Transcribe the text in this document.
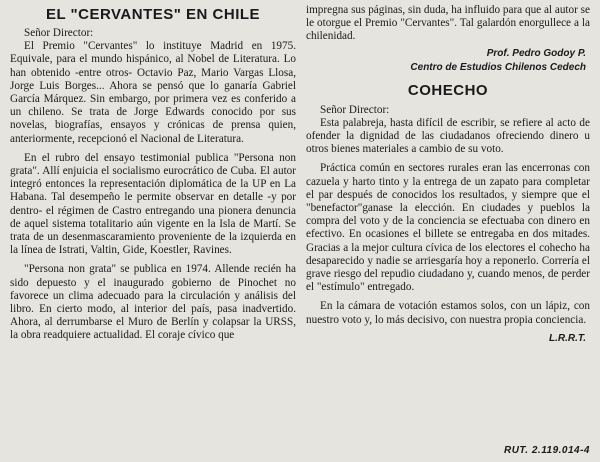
EL "CERVANTES" EN CHILE

Señor Director:

El Premio "Cervantes" lo instituye Madrid en 1975. Equivale, para el mundo hispánico, al Nobel de Literatura. Lo han obtenido -entre otros- Octavio Paz, Mario Vargas Llosa, Jorge Luis Borges... Ahora se pensó que lo ganaría Gabriel García Márquez. Sin embargo, por primera vez es conferido a un chileno. Se trata de Jorge Edwards conocido por sus novelas, biografías, ensayos y crónicas de prensa quien, anteriormente, recepcionó el Nacional de Literatura.

En el rubro del ensayo testimonial publica "Persona non grata". Allí enjuicia el socialismo eurocrático de Cuba. El autor integró entonces la representación diplomática de la UP en La Habana. Tal desempeño le permite observar en detalle -y por dentro- el régimen de Castro entregando una pionera denuncia de aquel sistema totalitario aún vigente en la Isla de Martí. Se trata de un desenmascaramiento proveniente de la izquierda en la línea de Istrati, Valtin, Gide, Koestler, Ravines.

"Persona non grata" se publica en 1974. Allende recién ha sido depuesto y el inaugurado gobierno de Pinochet no favorece un clima adecuado para la circulación y análisis del libro. En cierto modo, al interior del país, pasa inadvertido. Ahora, al derrumbarse el Muro de Berlín y colapsar la URSS, la obra readquiere actualidad. El coraje cívico que

impregna sus páginas, sin duda, ha influido para que al autor se le otorgue el Premio "Cervantes". Tal galardón enorgullece a la chilenidad.

Prof. Pedro Godoy P.
Centro de Estudios Chilenos Cedech
COHECHO

Señor Director:

Esta palabreja, hasta difícil de escribir, se refiere al acto de ofender la dignidad de las ciudadanos ofreciendo dinero u otros bienes materiales a cambio de su voto.

Práctica común en sectores rurales eran las encerronas con cazuela y harto tinto y la entrega de un zapato para completar el par después de conocidos los resultados, y siempre que el "benefactor"ganase la elección. En ciudades y pueblos la compra del voto y de la conciencia se efectuaba con dinero en efectivo. En ocasiones el billete se entregaba en dos mitades. Gracias a la mejor cultura cívica de los electores el cohecho ha desaparecido y nadie se arriesgaría hoy a reponerlo. Correría el grave riesgo del repudio ciudadano y, cuando menos, de perder el "estímulo" entregado.

En la cámara de votación estamos solos, con un lápiz, con nuestro voto y, lo más decisivo, con nuestra propia conciencia.

L.R.R.T.
RUT. 2.119.014-4
